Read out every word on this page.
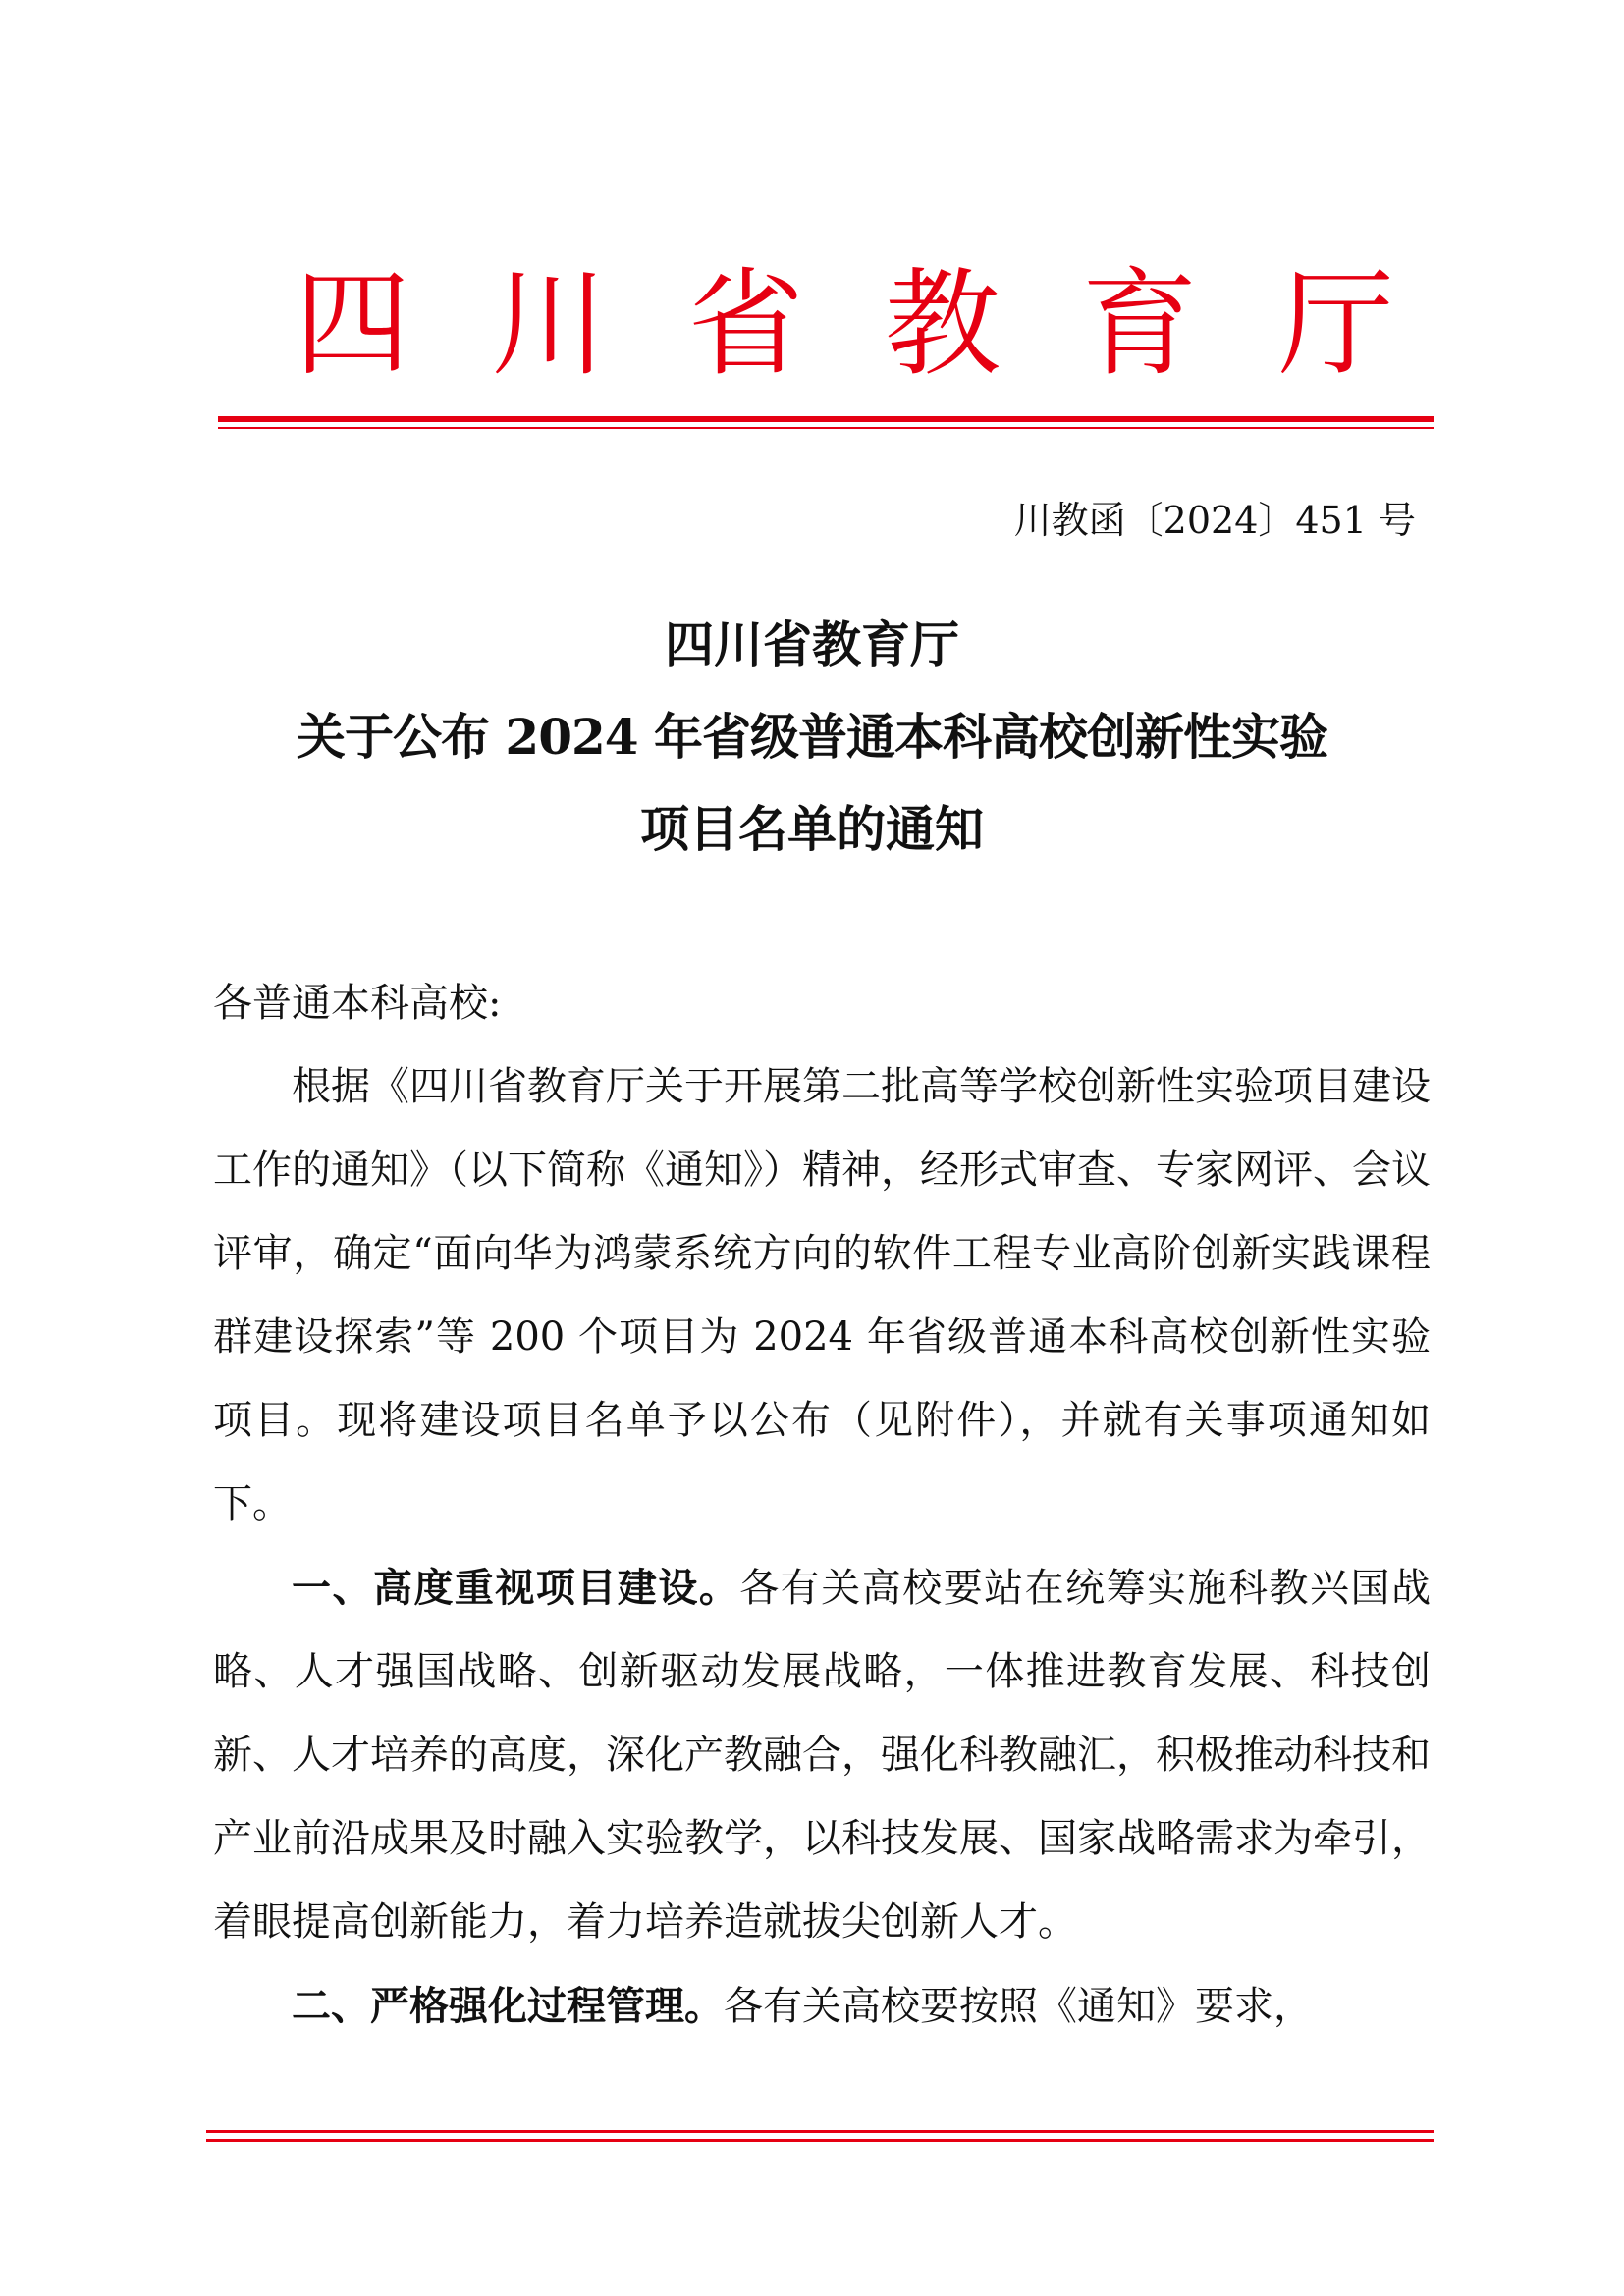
四 川 省 教 育 厅
川教函〔2024〕451 号
四川省教育厅
关于公布 2024 年省级普通本科高校创新性实验
项目名单的通知

各普通本科高校:

根据《四川省教育厅关于开展第二批高等学校创新性实验项目建设工作的通知》（以下简称《通知》）精神，经形式审查、专家网评、会议评审，确定“面向华为鸿蒙系统方向的软件工程专业高阶创新实践课程群建设探索”等 200 个项目为 2024 年省级普通本科高校创新性实验项目。现将建设项目名单予以公布（见附件），并就有关事项通知如下。

一、高度重视项目建设。各有关高校要站在统筹实施科教兴国战略、人才强国战略、创新驱动发展战略，一体推进教育发展、科技创新、人才培养的高度，深化产教融合，强化科教融汇，积极推动科技和产业前沿成果及时融入实验教学，以科技发展、国家战略需求为牵引，着眼提高创新能力，着力培养造就拔尖创新人才。

二、严格强化过程管理。各有关高校要按照《通知》要求，
